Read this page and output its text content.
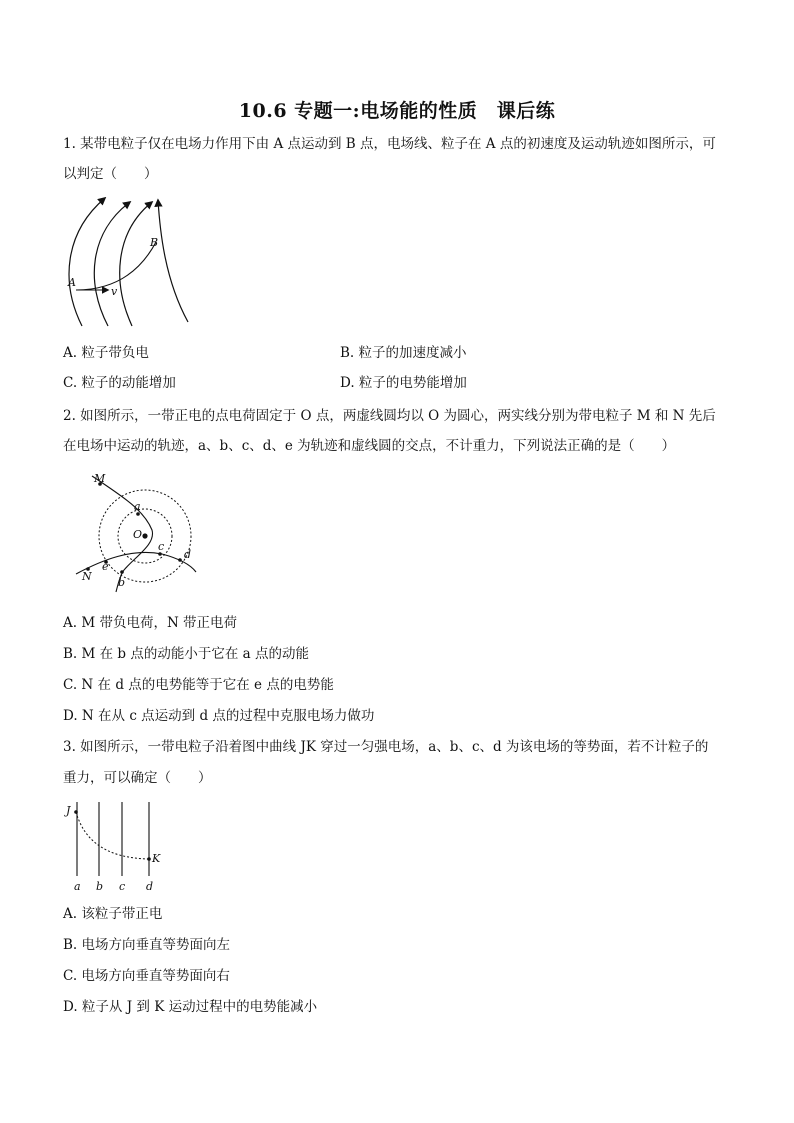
10.6 专题一:电场能的性质　课后练
1. 某带电粒子仅在电场力作用下由 A 点运动到 B 点，电场线、粒子在 A 点的初速度及运动轨迹如图所示，可
以判定（　　）
A
B
v
A. 粒子带负电	B. 粒子的加速度减小
C. 粒子的动能增加	D. 粒子的电势能增加
2. 如图所示，一带正电的点电荷固定于 O 点，两虚线圆均以 O 为圆心，两实线分别为带电粒子 M 和 N 先后
在电场中运动的轨迹，a、b、c、d、e 为轨迹和虚线圆的交点，不计重力，下列说法正确的是（　　）
M
a
O
c
d
e
b
N
A. M 带负电荷，N 带正电荷
B. M 在 b 点的动能小于它在 a 点的动能
C. N 在 d 点的电势能等于它在 e 点的电势能
D. N 在从 c 点运动到 d 点的过程中克服电场力做功
3. 如图所示，一带电粒子沿着图中曲线 JK 穿过一匀强电场，a、b、c、d 为该电场的等势面，若不计粒子的
重力，可以确定（　　）
J
K
a b c d
A. 该粒子带正电
B. 电场方向垂直等势面向左
C. 电场方向垂直等势面向右
D. 粒子从 J 到 K 运动过程中的电势能减小
